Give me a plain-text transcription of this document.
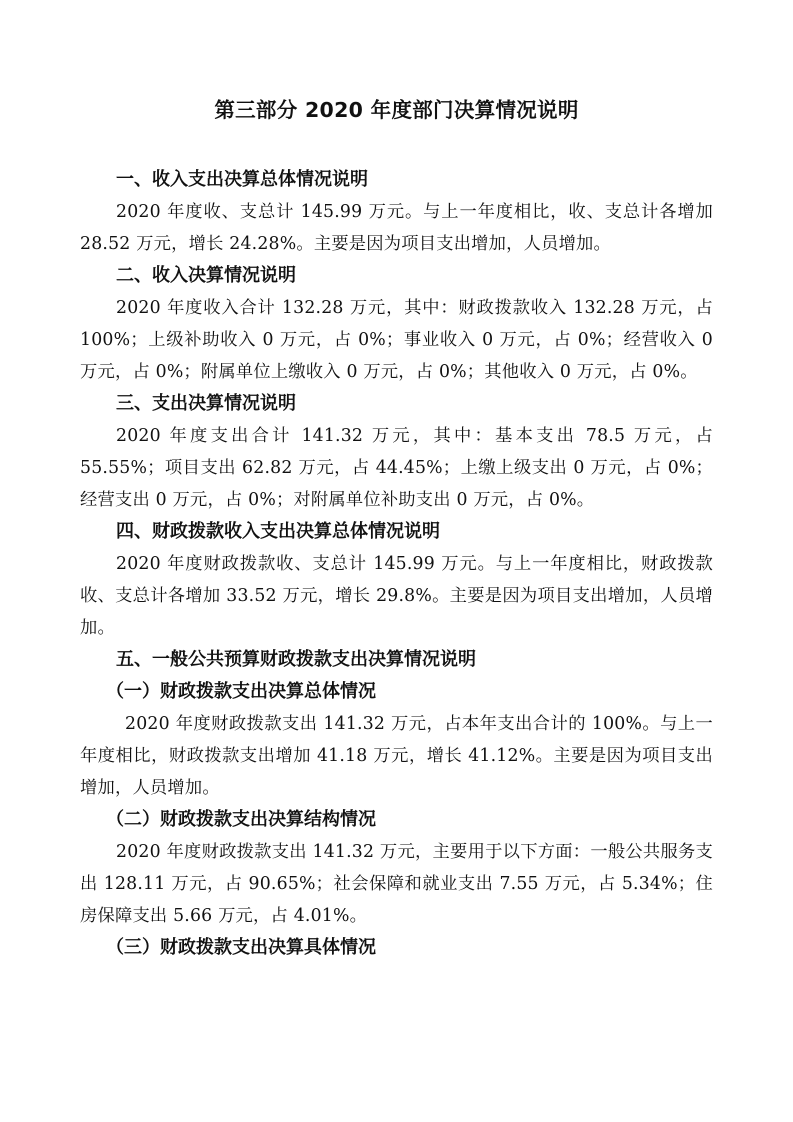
第三部分 2020 年度部门决算情况说明
一、收入支出决算总体情况说明

2020 年度收、支总计 145.99 万元。与上一年度相比，收、支总计各增加 28.52 万元，增长 24.28%。主要是因为项目支出增加，人员增加。

二、收入决算情况说明

2020 年度收入合计 132.28 万元，其中：财政拨款收入 132.28 万元，占 100%；上级补助收入 0 万元，占 0%；事业收入 0 万元，占 0%；经营收入 0 万元，占 0%；附属单位上缴收入 0 万元，占 0%；其他收入 0 万元，占 0%。

三、支出决算情况说明

2020 年度支出合计 141.32 万元，其中：基本支出 78.5 万元，占 55.55%；项目支出 62.82 万元，占 44.45%；上缴上级支出 0 万元，占 0%；经营支出 0 万元，占 0%；对附属单位补助支出 0 万元，占 0%。

四、财政拨款收入支出决算总体情况说明

2020 年度财政拨款收、支总计 145.99 万元。与上一年度相比，财政拨款收、支总计各增加 33.52 万元，增长 29.8%。主要是因为项目支出增加，人员增加。

五、一般公共预算财政拨款支出决算情况说明
（一）财政拨款支出决算总体情况

2020 年度财政拨款支出 141.32 万元，占本年支出合计的 100%。与上一年度相比，财政拨款支出增加 41.18 万元，增长 41.12%。主要是因为项目支出增加，人员增加。

（二）财政拨款支出决算结构情况

2020 年度财政拨款支出 141.32 万元，主要用于以下方面：一般公共服务支出 128.11 万元，占 90.65%；社会保障和就业支出 7.55 万元，占 5.34%；住房保障支出 5.66 万元，占 4.01%。

（三）财政拨款支出决算具体情况
